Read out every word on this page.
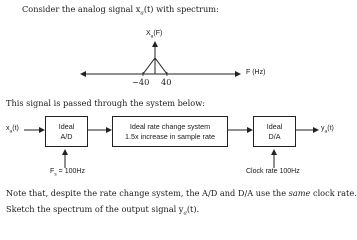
Consider the analog signal $x_a(t)$ with spectrum:
$X_a(F)$
F (Hz)
−40 40
This signal is passed through the system below:
$x_a(t)$	$y_a(t)$
Ideal
A/D
Ideal rate change system
1.5x increase in sample rate
Ideal
D/A
$F_s = 100Hz$	Clock rate 100Hz
Note that, despite the rate change system, the A/D and D/A use the same clock rate.
Sketch the spectrum of the output signal $y_a(t)$.
